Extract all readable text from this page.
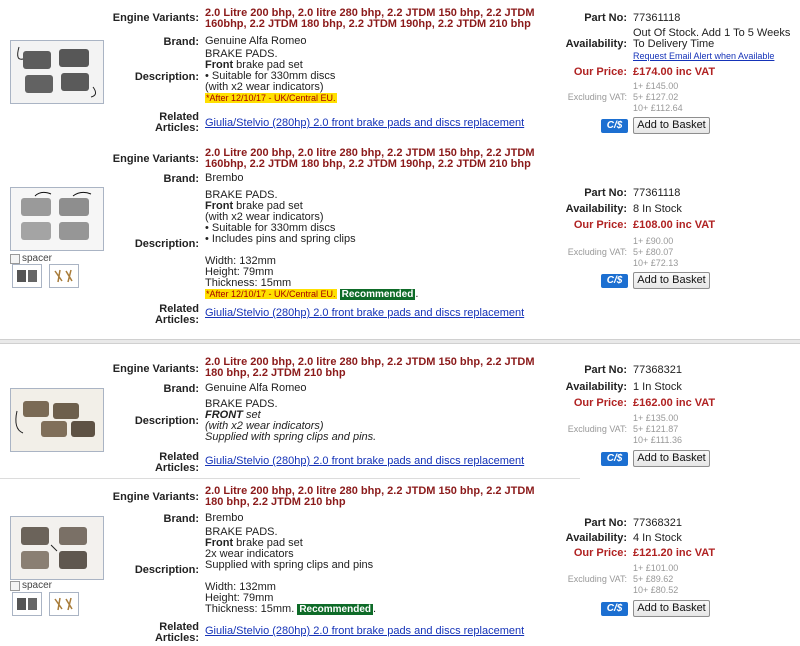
Engine Variants: 2.0 Litre 200 bhp, 2.0 litre 280 bhp, 2.2 JTDM 150 bhp, 2.2 JTDM 160bhp, 2.2 JTDM 180 bhp, 2.2 JTDM 190hp, 2.2 JTDM 210 bhp
Brand: Genuine Alfa Romeo
Description:
BRAKE PADS.
Front brake pad set
• Suitable for 330mm discs
(with x2 wear indicators)
*After 12/10/17 - UK/Central EU.
Related
Articles: Giulia/Stelvio (280hp) 2.0 front brake pads and discs replacement
Part No: 77361118
Availability:
Out Of Stock. Add 1 To 5 Weeks To Delivery Time
Request Email Alert when Available
Our Price: £174.00 inc VAT
Excluding VAT:
1+ £145.00
5+ £127.02
10+ £112.64
C/$	Add to Basket
Engine Variants: 2.0 Litre 200 bhp, 2.0 litre 280 bhp, 2.2 JTDM 150 bhp, 2.2 JTDM 160bhp, 2.2 JTDM 180 bhp, 2.2 JTDM 190hp, 2.2 JTDM 210 bhp
Brand: Brembo
spacer
Description:
BRAKE PADS.
Front brake pad set
(with x2 wear indicators)
• Suitable for 330mm discs
• Includes pins and spring clips

Width: 132mm
Height: 79mm
Thickness: 15mm
*After 12/10/17 - UK/Central EU. Recommended .
Related
Articles:
Giulia/Stelvio (280hp) 2.0 front brake pads and discs replacement
Part No: 77361118
Availability: 8 In Stock
Our Price: £108.00 inc VAT
Excluding VAT:
1+ £90.00
5+ £80.07
10+ £72.13
C/$	Add to Basket
Engine Variants:
2.0 Litre 200 bhp, 2.0 litre 280 bhp, 2.2 JTDM 150 bhp, 2.2 JTDM 180 bhp, 2.2 JTDM 210 bhp
Brand: Genuine Alfa Romeo
Description:
BRAKE PADS.
FRONT set
(with x2 wear indicators)
Supplied with spring clips and pins.
Related
Articles:
Giulia/Stelvio (280hp) 2.0 front brake pads and discs replacement
Part No: 77368321
Availability: 1 In Stock
Our Price: £162.00 inc VAT
Excluding VAT:
1+ £135.00
5+ £121.87
10+ £111.36
C/$	Add to Basket
Engine Variants: 2.0 Litre 200 bhp, 2.0 litre 280 bhp, 2.2 JTDM 150 bhp, 2.2 JTDM 180 bhp, 2.2 JTDM 210 bhp
Brand: Brembo
spacer
Description:
BRAKE PADS.
Front brake pad set
2x wear indicators
Supplied with spring clips and pins

Width: 132mm
Height: 79mm
Thickness: 15mm. Recommended .
Related
Articles:
Giulia/Stelvio (280hp) 2.0 front brake pads and discs replacement
Part No: 77368321
Availability: 4 In Stock
Our Price: £121.20 inc VAT
Excluding VAT:
1+ £101.00
5+ £89.62
10+ £80.52
C/$	Add to Basket
